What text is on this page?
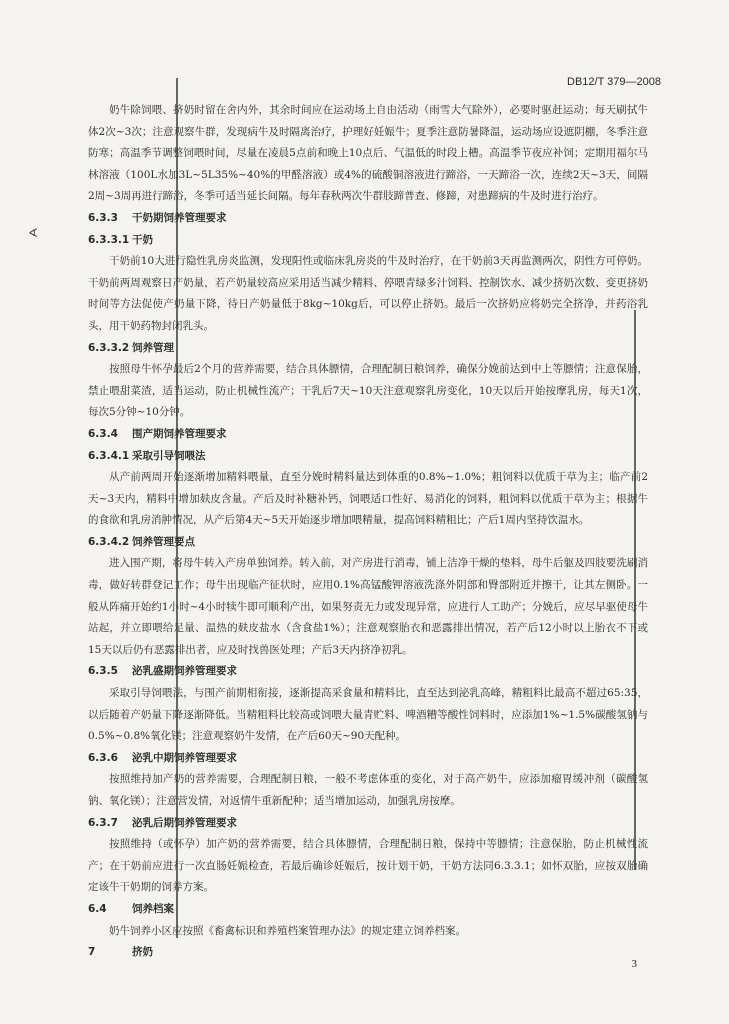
∢
DB12/T 379—2008

奶牛除饲喂、挤奶时留在舍内外，其余时间应在运动场上自由活动（雨雪大气除外），必要时驱赶运动；每天刷拭牛体2次~3次；注意观察牛群，发现病牛及时隔离治疗，护理好妊娠牛；夏季注意防暑降温，运动场应设遮阴棚，冬季注意防寒；高温季节调整饲喂时间，尽量在凌晨5点前和晚上10点后、气温低的时段上槽。高温季节夜应补饲；定期用福尔马林溶液（100L水加3L~5L35%~40%的甲醛溶液）或4%的硫酸铜溶液进行蹄浴，一天蹄浴一次，连续2天~3天，间隔2周~3周再进行蹄浴，冬季可适当延长间隔。每年春秋两次牛群肢蹄普查、修蹄，对患蹄病的牛及时进行治疗。

6.3.3 干奶期饲养管理要求
6.3.3.1 干奶

干奶前10大进行隐性乳房炎监测，发现阳性或临床乳房炎的牛及时治疗，在干奶前3天再监测两次，阴性方可停奶。干奶前两周观察日产奶量，若产奶量较高应采用适当减少精料、停喂青绿多汁饲料、控制饮水、减少挤奶次数、变更挤奶时间等方法促使产奶量下降，待日产奶量低于8kg~10kg后，可以停止挤奶。最后一次挤奶应将奶完全挤净，并药浴乳头，用干奶药物封闭乳头。

6.3.3.2 饲养管理

按照母牛怀孕最后2个月的营养需要，结合具体膘情，合理配制日粮饲养，确保分娩前达到中上等膘情；注意保胎，禁止喂甜菜渣，适当运动，防止机械性流产；干乳后7天~10天注意观察乳房变化，10天以后开始按摩乳房，每天1次，每次5分钟~10分钟。

6.3.4 围产期饲养管理要求
6.3.4.1 采取引导饲喂法

从产前两周开始逐渐增加精料喂量，直至分娩时精料量达到体重的0.8%~1.0%；粗饲料以优质干草为主；临产前2天~3天内，精料中增加麸皮含量。产后及时补糖补钙，饲喂适口性好、易消化的饲料，粗饲料以优质干草为主；根据牛的食欲和乳房消肿情况，从产后第4天~5天开始逐步增加喂精量，提高饲料精粗比；产后1周内坚持饮温水。

6.3.4.2 饲养管理要点

进入围产期，将母牛转入产房单独饲养。转入前，对产房进行消毒，铺上洁净干燥的垫料，母牛后躯及四肢要洗刷消毒，做好转群登记工作；母牛出现临产征状时，应用0.1%高锰酸钾溶液洗涤外阴部和臀部附近并擦干，让其左侧卧。一般从阵痛开始约1小时~4小时犊牛即可顺利产出，如果努责无力或发现异常，应进行人工助产；分娩后，应尽早驱使母牛站起，并立即喂给足量、温热的麸皮盐水（含食盐1%）；注意观察胎衣和恶露排出情况，若产后12小时以上胎衣不下或15天以后仍有恶露排出者，应及时找兽医处理；产后3天内挤净初乳。

6.3.5 泌乳盛期饲养管理要求

采取引导饲喂法，与围产前期相衔接，逐渐提高采食量和精料比，直至达到泌乳高峰，精粗料比最高不超过65:35，以后随着产奶量下降逐渐降低。当精粗料比较高或饲喂大量青贮料、啤酒糟等酸性饲料时，应添加1%~1.5%碳酸氢钠与0.5%~0.8%氧化镁；注意观察奶牛发情，在产后60天~90天配种。

6.3.6 泌乳中期饲养管理要求

按照维持加产奶的营养需要，合理配制日粮，一般不考虑体重的变化，对于高产奶牛，应添加瘤胃缓冲剂（碳酸氢钠、氧化镁）；注意营发情，对返情牛重新配种；适当增加运动，加强乳房按摩。

6.3.7 泌乳后期饲养管理要求

按照维持（或怀孕）加产奶的营养需要，结合具体膘情，合理配制日粮，保持中等膘情；注意保胎，防止机械性流产；在干奶前应进行一次直肠妊娠检查，若最后确诊妊娠后，按计划干奶，干奶方法同6.3.3.1；如怀双胎，应按双胎确定该牛干奶期的饲养方案。

6.4 饲养档案

奶牛饲养小区应按照《畜禽标识和养殖档案管理办法》的规定建立饲养档案。

7	挤奶
3
